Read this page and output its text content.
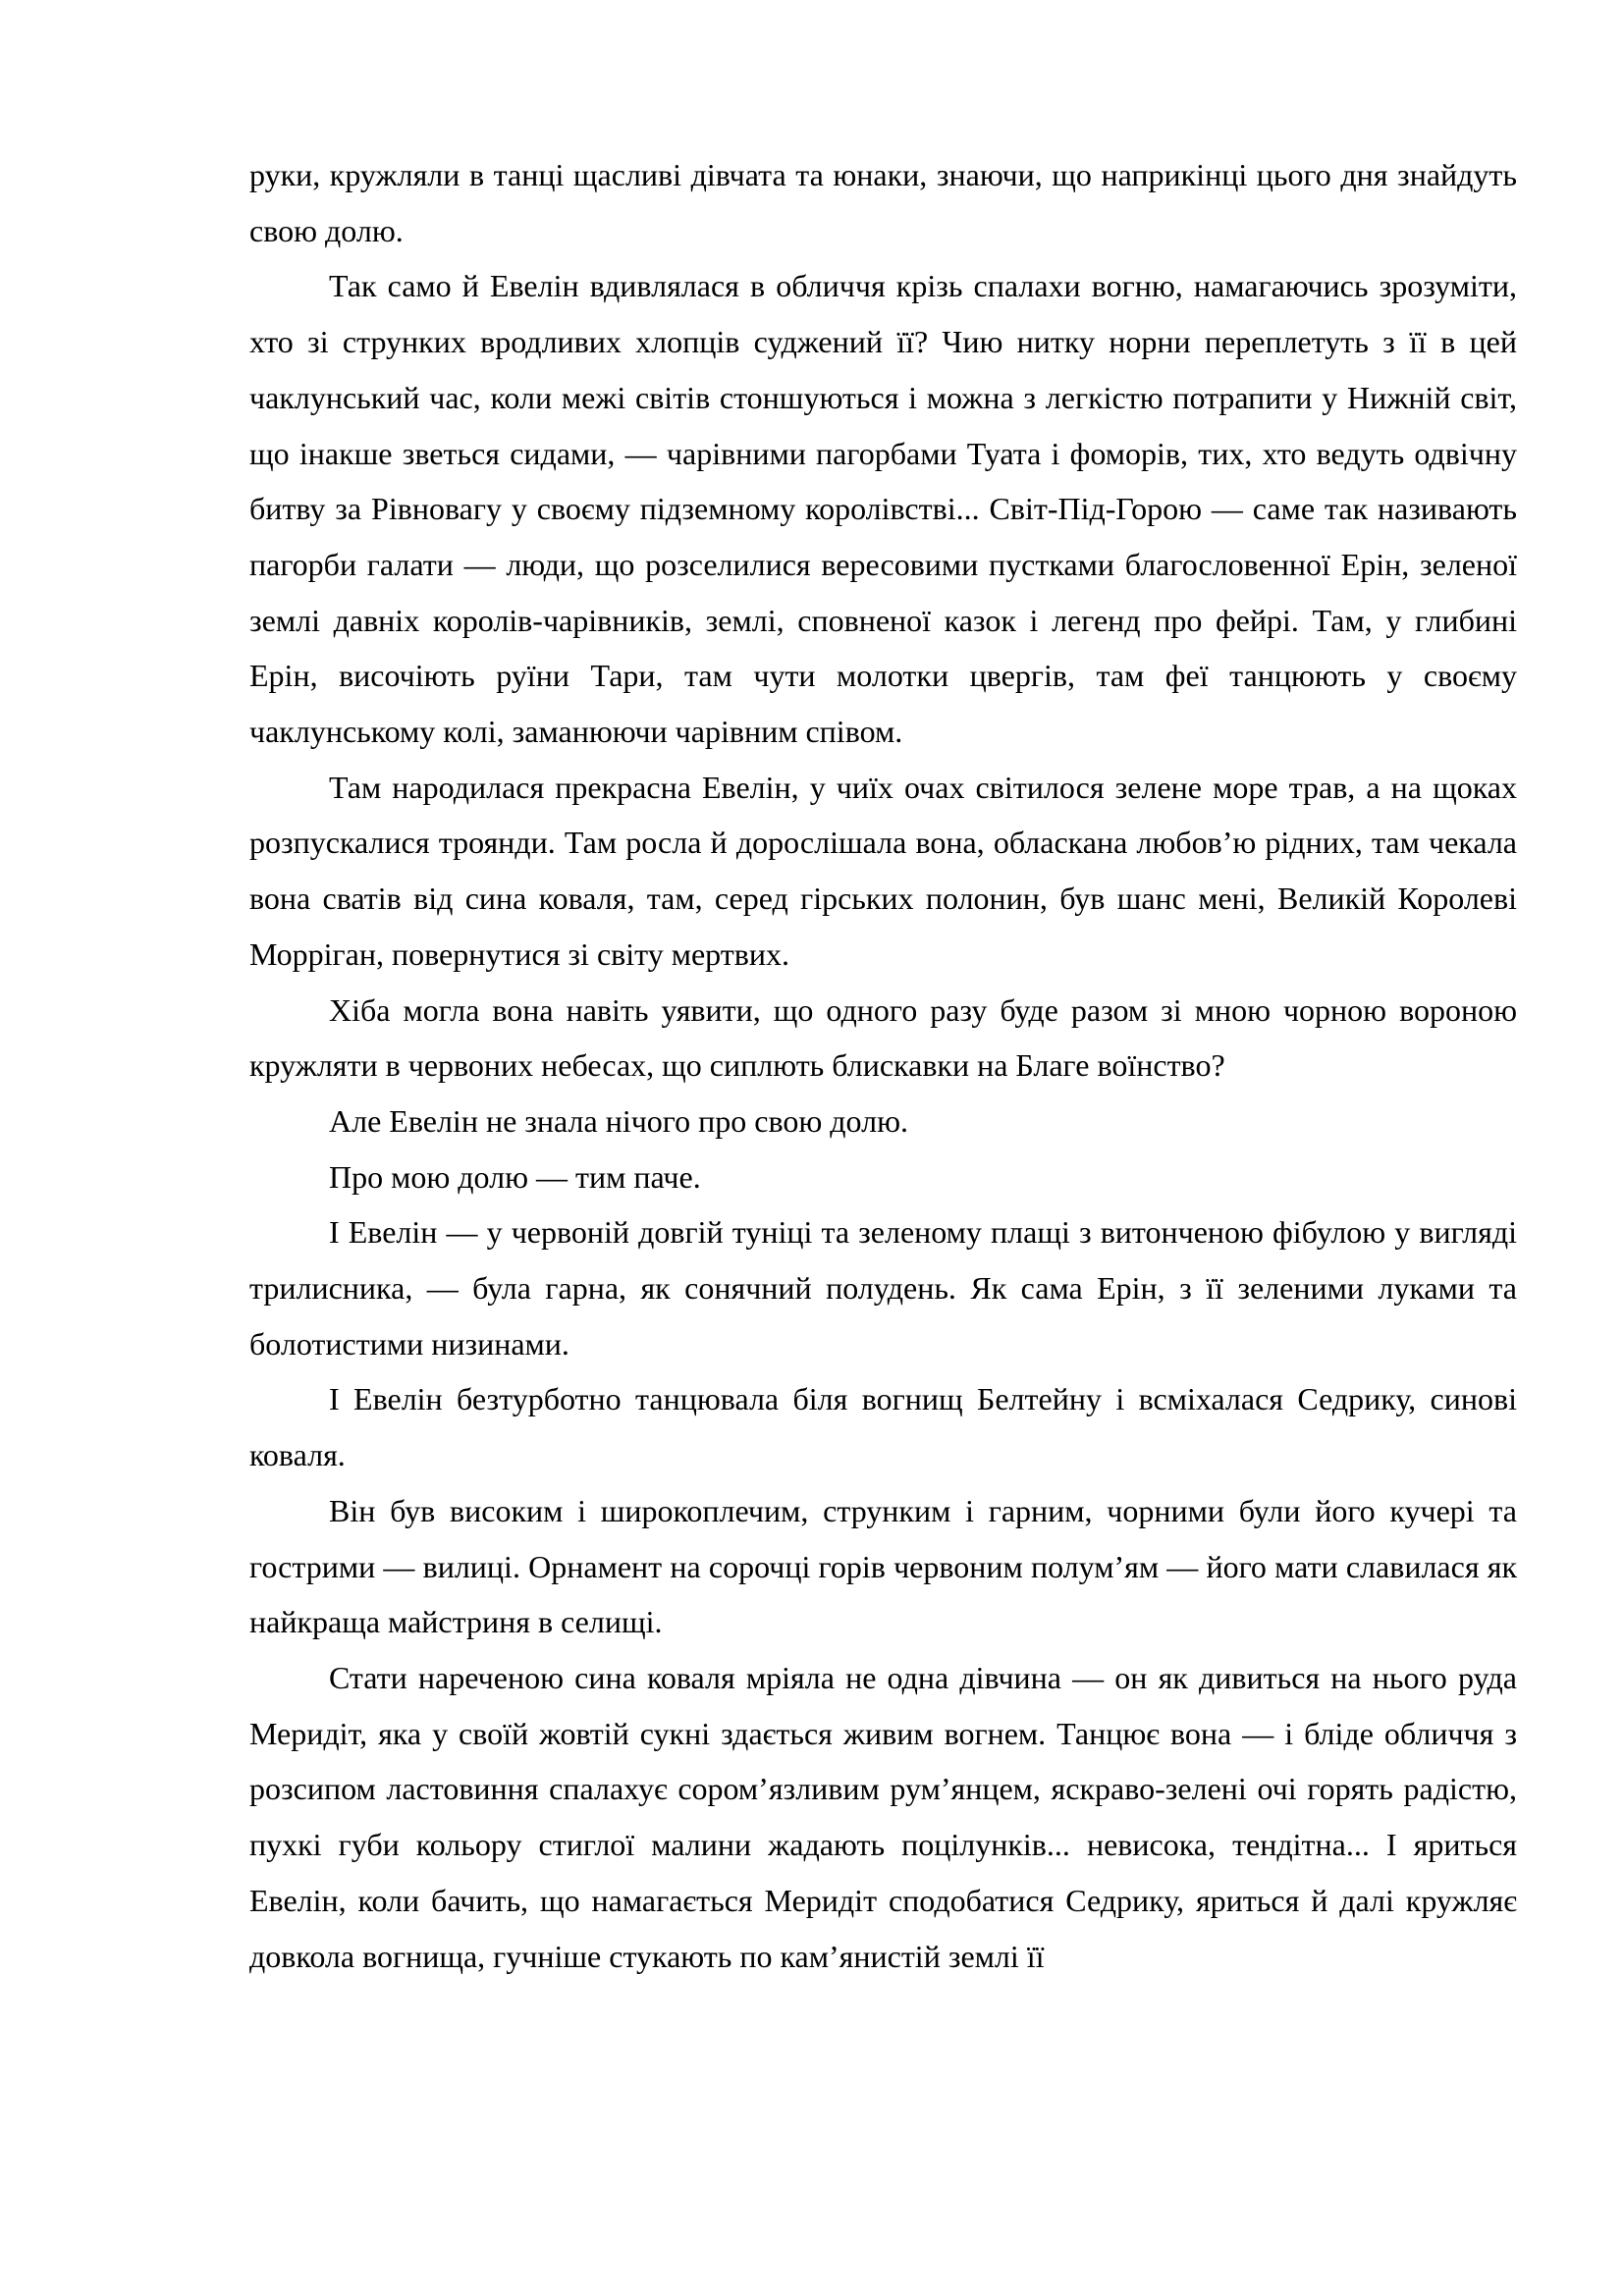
руки, кружляли в танці щасливі дівчата та юнаки, знаючи, що наприкінці цього дня знайдуть свою долю.

Так само й Евелін вдивлялася в обличчя крізь спалахи вогню, намагаючись зрозуміти, хто зі струнких вродливих хлопців суджений її? Чию нитку норни переплетуть з її в цей чаклунський час, коли межі світів стоншуються і можна з легкістю потрапити у Нижній світ, що інакше зветься сидами, — чарівними пагорбами Туата і фоморів, тих, хто ведуть одвічну битву за Рівновагу у своєму підземному королівстві... Світ-Під-Горою — саме так називають пагорби галати — люди, що розселилися вересовими пустками благословенної Ерін, зеленої землі давніх королів-чарівників, землі, сповненої казок і легенд про фейрі. Там, у глибині Ерін, височіють руїни Тари, там чути молотки цвергів, там феї танцюють у своєму чаклунському колі, заманюючи чарівним співом.

Там народилася прекрасна Евелін, у чиїх очах світилося зелене море трав, а на щоках розпускалися троянди. Там росла й дорослішала вона, обласкана любов’ю рідних, там чекала вона сватів від сина коваля, там, серед гірських полонин, був шанс мені, Великій Королеві Морріган, повернутися зі світу мертвих.

Хіба могла вона навіть уявити, що одного разу буде разом зі мною чорною вороною кружляти в червоних небесах, що сиплють блискавки на Благе воїнство?

Але Евелін не знала нічого про свою долю.

Про мою долю — тим паче.

І Евелін — у червоній довгій туніці та зеленому плащі з витонченою фібулою у вигляді трилисника, — була гарна, як сонячний полудень. Як сама Ерін, з її зеленими луками та болотистими низинами.

І Евелін безтурботно танцювала біля вогнищ Белтейну і всміхалася Седрику, синові коваля.

Він був високим і широкоплечим, струнким і гарним, чорними були його кучері та гострими — вилиці. Орнамент на сорочці горів червоним полум’ям — його мати славилася як найкраща майстриня в селищі.

Стати нареченою сина коваля мріяла не одна дівчина — он як дивиться на нього руда Меридіт, яка у своїй жовтій сукні здається живим вогнем. Танцює вона — і бліде обличчя з розсипом ластовиння спалахує сором’язливим рум’янцем, яскраво-зелені очі горять радістю, пухкі губи кольору стиглої малини жадають поцілунків... невисока, тендітна... І яриться Евелін, коли бачить, що намагається Меридіт сподобатися Седрику, яриться й далі кружляє довкола вогнища, гучніше стукають по кам’янистій землі її
